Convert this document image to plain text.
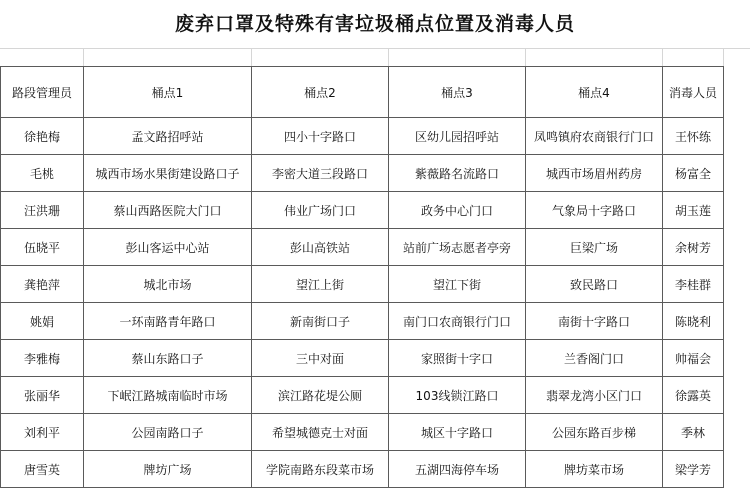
废弃口罩及特殊有害垃圾桶点位置及消毒人员
路段管理员	桶点1	桶点2	桶点3	桶点4	消毒人员	
徐艳梅	孟文路招呼站	四小十字路口	区幼儿园招呼站	凤鸣镇府农商银行门口	王怀练	
毛桃	城西市场水果街建设路口子	李密大道三段路口	紫薇路名流路口	城西市场眉州药房	杨富全	
汪洪珊	蔡山西路医院大门口	伟业广场门口	政务中心门口	气象局十字路口	胡玉莲	
伍晓平	彭山客运中心站	彭山高铁站	站前广场志愿者亭旁	巨梁广场	余树芳	
龚艳萍	城北市场	望江上街	望江下街	致民路口	李桂群	
姚娟	一环南路青年路口	新南街口子	南门口农商银行门口	南街十字路口	陈晓利	
李雅梅	蔡山东路口子	三中对面	家照街十字口	兰香阁门口	帅福会	
张丽华	下岷江路城南临时市场	滨江路花堤公厕	103线锁江路口	翡翠龙湾小区门口	徐露英	
刘利平	公园南路口子	希望城德克士对面	城区十字路口	公园东路百步梯	季林	
唐雪英	牌坊广场	学院南路东段菜市场	五湖四海停车场	牌坊菜市场	梁学芳	
